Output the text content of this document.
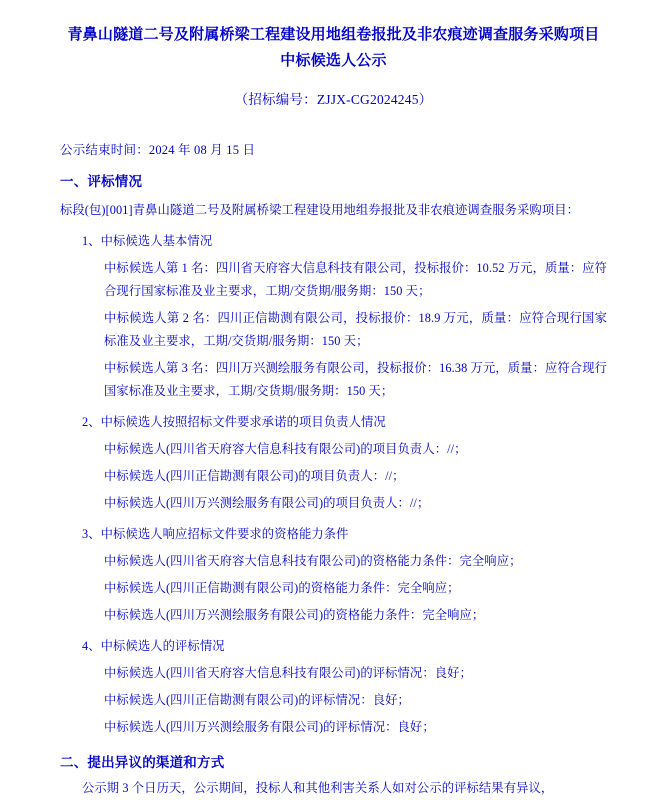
青鼻山隧道二号及附属桥梁工程建设用地组卷报批及非农痕迹调查服务采购项目中标候选人公示
（招标编号：ZJJX-CG2024245）
公示结束时间：2024 年 08 月 15 日
一、评标情况
标段(包)[001]青鼻山隧道二号及附属桥梁工程建设用地组券报批及非农痕迹调查服务采购项目：
1、中标候选人基本情况
中标候选人第 1 名：四川省天府容大信息科技有限公司，投标报价：10.52 万元，质量：应符合现行国家标准及业主要求，工期/交货期/服务期：150 天；
中标候选人第 2 名：四川正信勘测有限公司，投标报价：18.9 万元，质量：应符合现行国家标准及业主要求，工期/交货期/服务期：150 天；
中标候选人第 3 名：四川万兴测绘服务有限公司，投标报价：16.38 万元，质量：应符合现行国家标准及业主要求，工期/交货期/服务期：150 天；
2、中标候选人按照招标文件要求承诺的项目负责人情况
中标候选人(四川省天府容大信息科技有限公司)的项目负责人：//；
中标候选人(四川正信勘测有限公司)的项目负责人：//；
中标候选人(四川万兴测绘服务有限公司)的项目负责人：//；
3、中标候选人响应招标文件要求的资格能力条件
中标候选人(四川省天府容大信息科技有限公司)的资格能力条件：完全响应；
中标候选人(四川正信勘测有限公司)的资格能力条件：完全响应；
中标候选人(四川万兴测绘服务有限公司)的资格能力条件：完全响应；
4、中标候选人的评标情况
中标候选人(四川省天府容大信息科技有限公司)的评标情况：良好；
中标候选人(四川正信勘测有限公司)的评标情况：良好；
中标候选人(四川万兴测绘服务有限公司)的评标情况：良好；
二、提出异议的渠道和方式
公示期 3 个日历天，公示期间，投标人和其他利害关系人如对公示的评标结果有异议，
